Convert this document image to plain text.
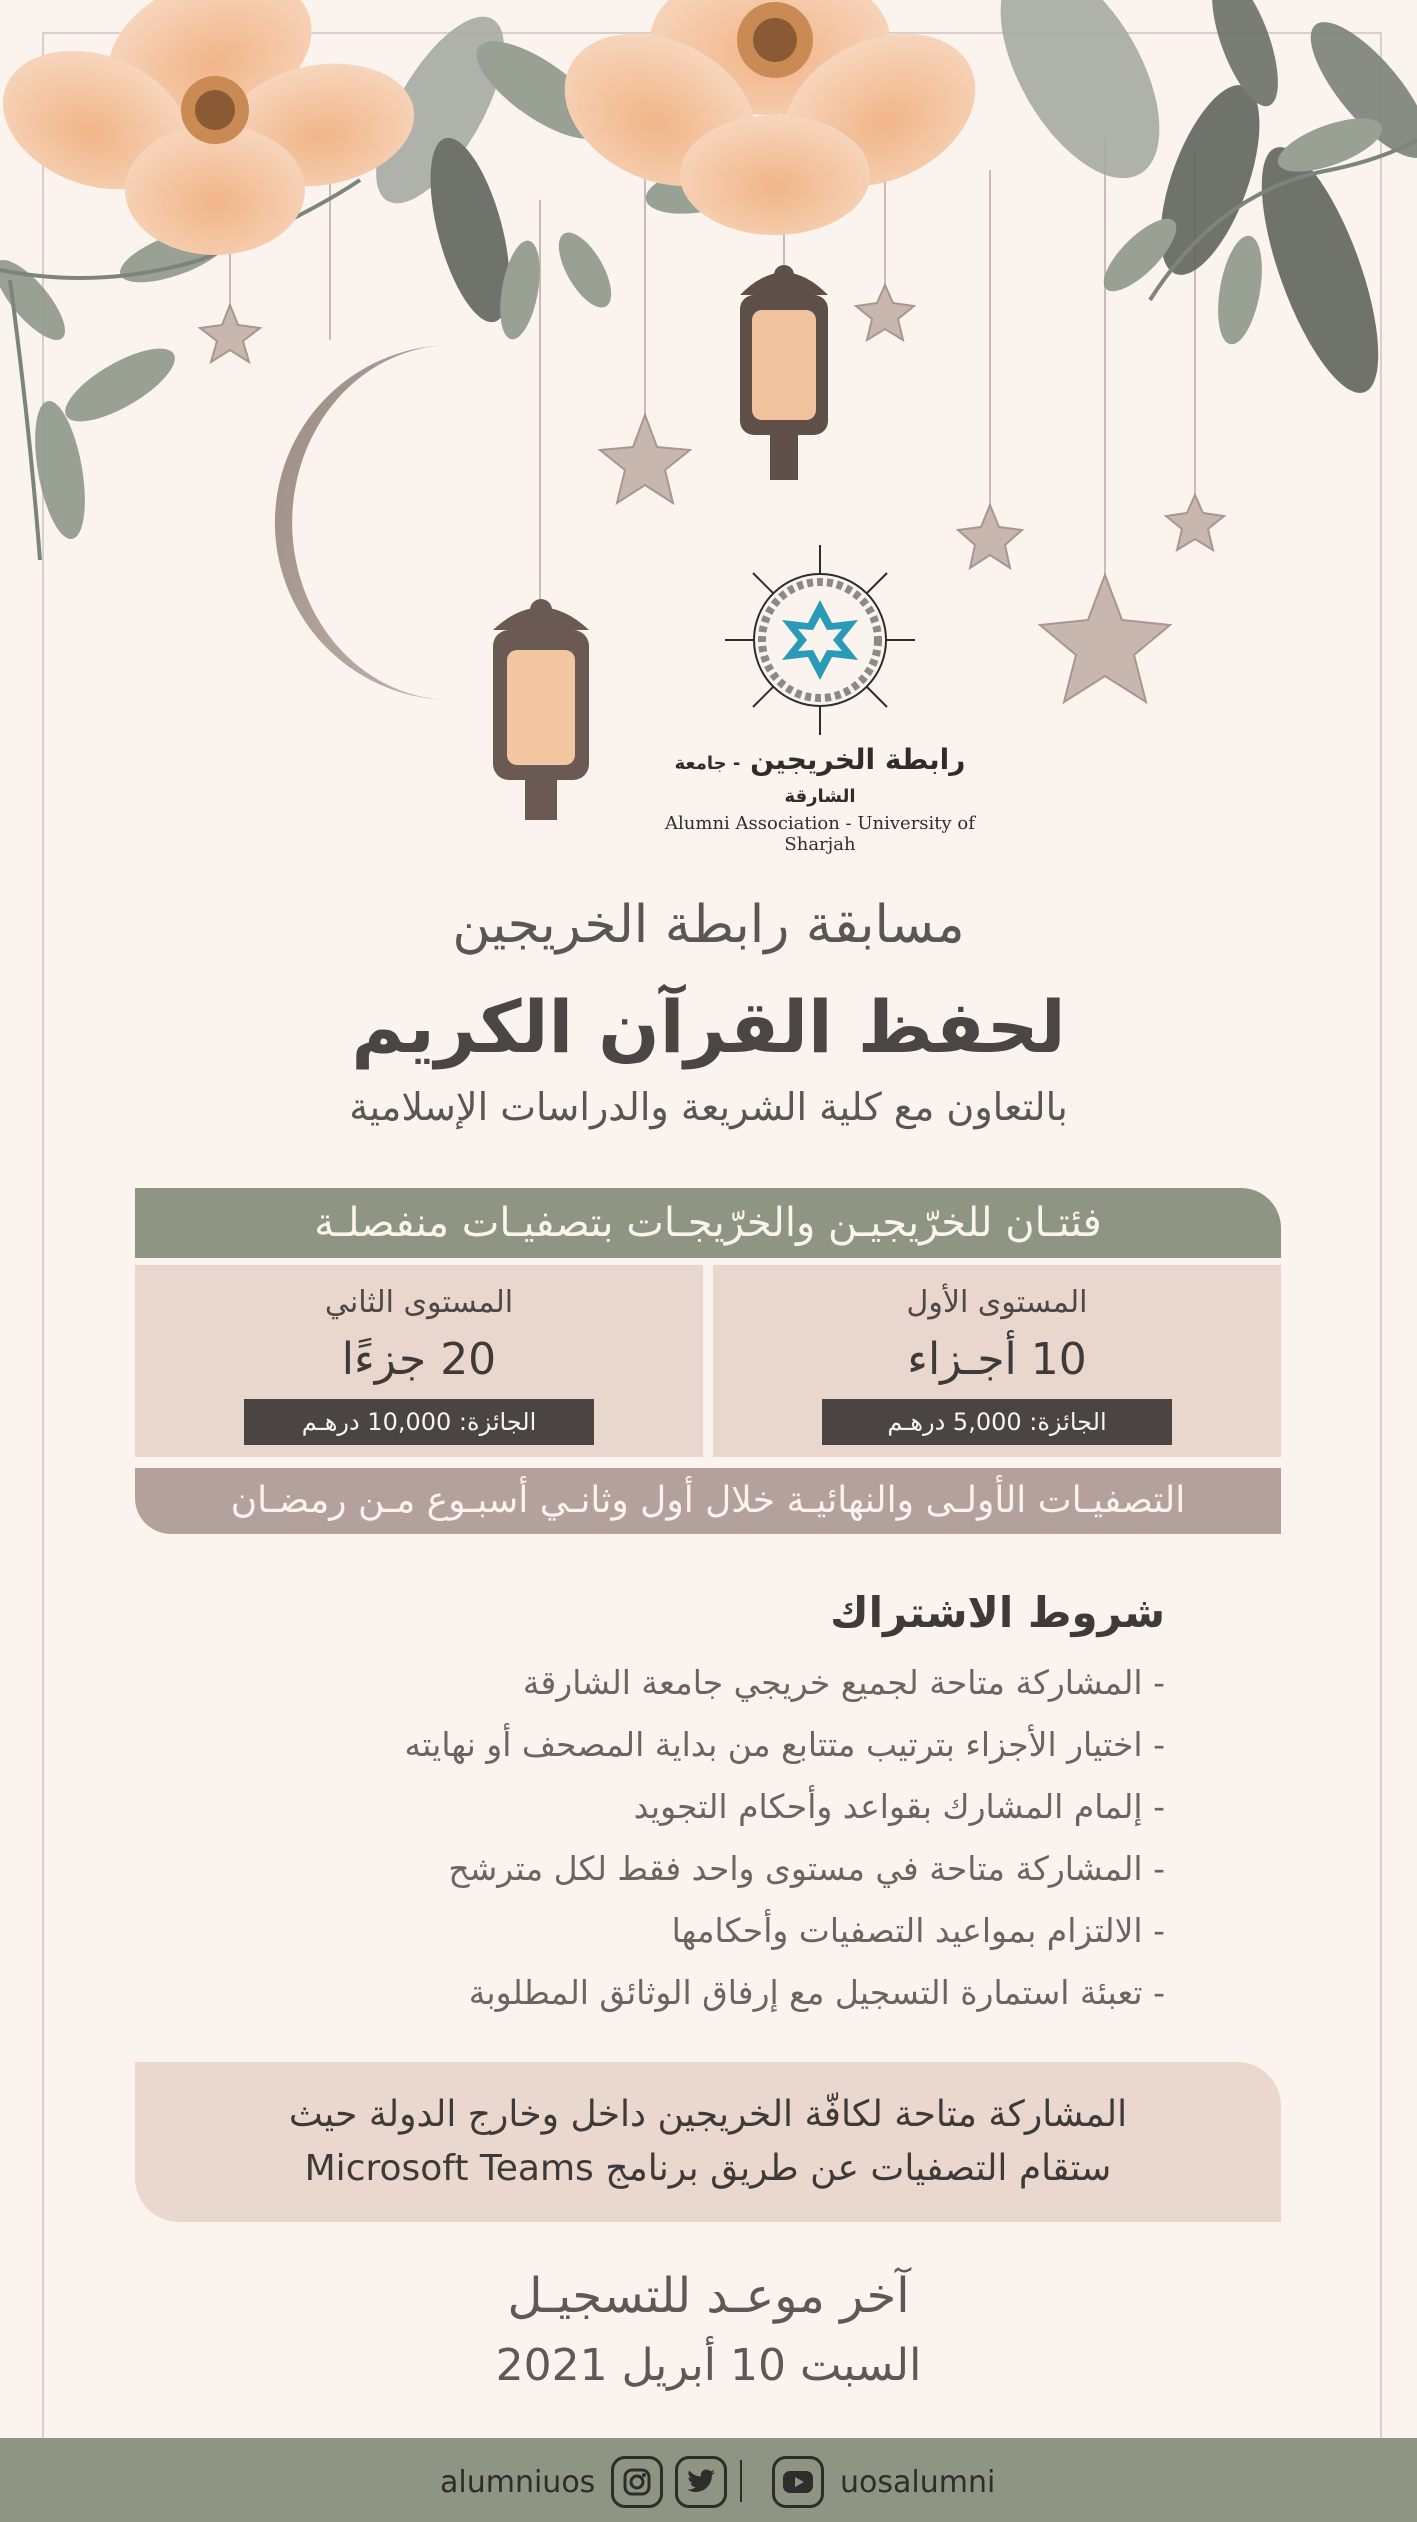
رابطة الخريجين - جامعة الشارقة
Alumni Association - University of Sharjah
مسابقة رابطة الخريجين
لحفظ القرآن الكريم
بالتعاون مع كلية الشريعة والدراسات الإسلامية
فئتـان للخرّيجيـن والخرّيجـات بتصفيـات منفصلـة
المستوى الأول
10 أجـزاء
الجائزة: 5,000 درهـم
المستوى الثاني
20 جزءًا
الجائزة: 10,000 درهـم
التصفيـات الأولـى والنهائيـة خلال أول وثانـي أسبـوع مـن رمضـان
شروط الاشتراك
- المشاركة متاحة لجميع خريجي جامعة الشارقة
- اختيار الأجزاء بترتيب متتابع من بداية المصحف أو نهايته
- إلمام المشارك بقواعد وأحكام التجويد
- المشاركة متاحة في مستوى واحد فقط لكل مترشح
- الالتزام بمواعيد التصفيات وأحكامها
- تعبئة استمارة التسجيل مع إرفاق الوثائق المطلوبة
المشاركة متاحة لكافّة الخريجين داخل وخارج الدولة حيث
ستقام التصفيات عن طريق برنامج Microsoft Teams
آخر موعـد للتسجيـل
السبت 10 أبريل 2021
alumniuos	uosalumni
